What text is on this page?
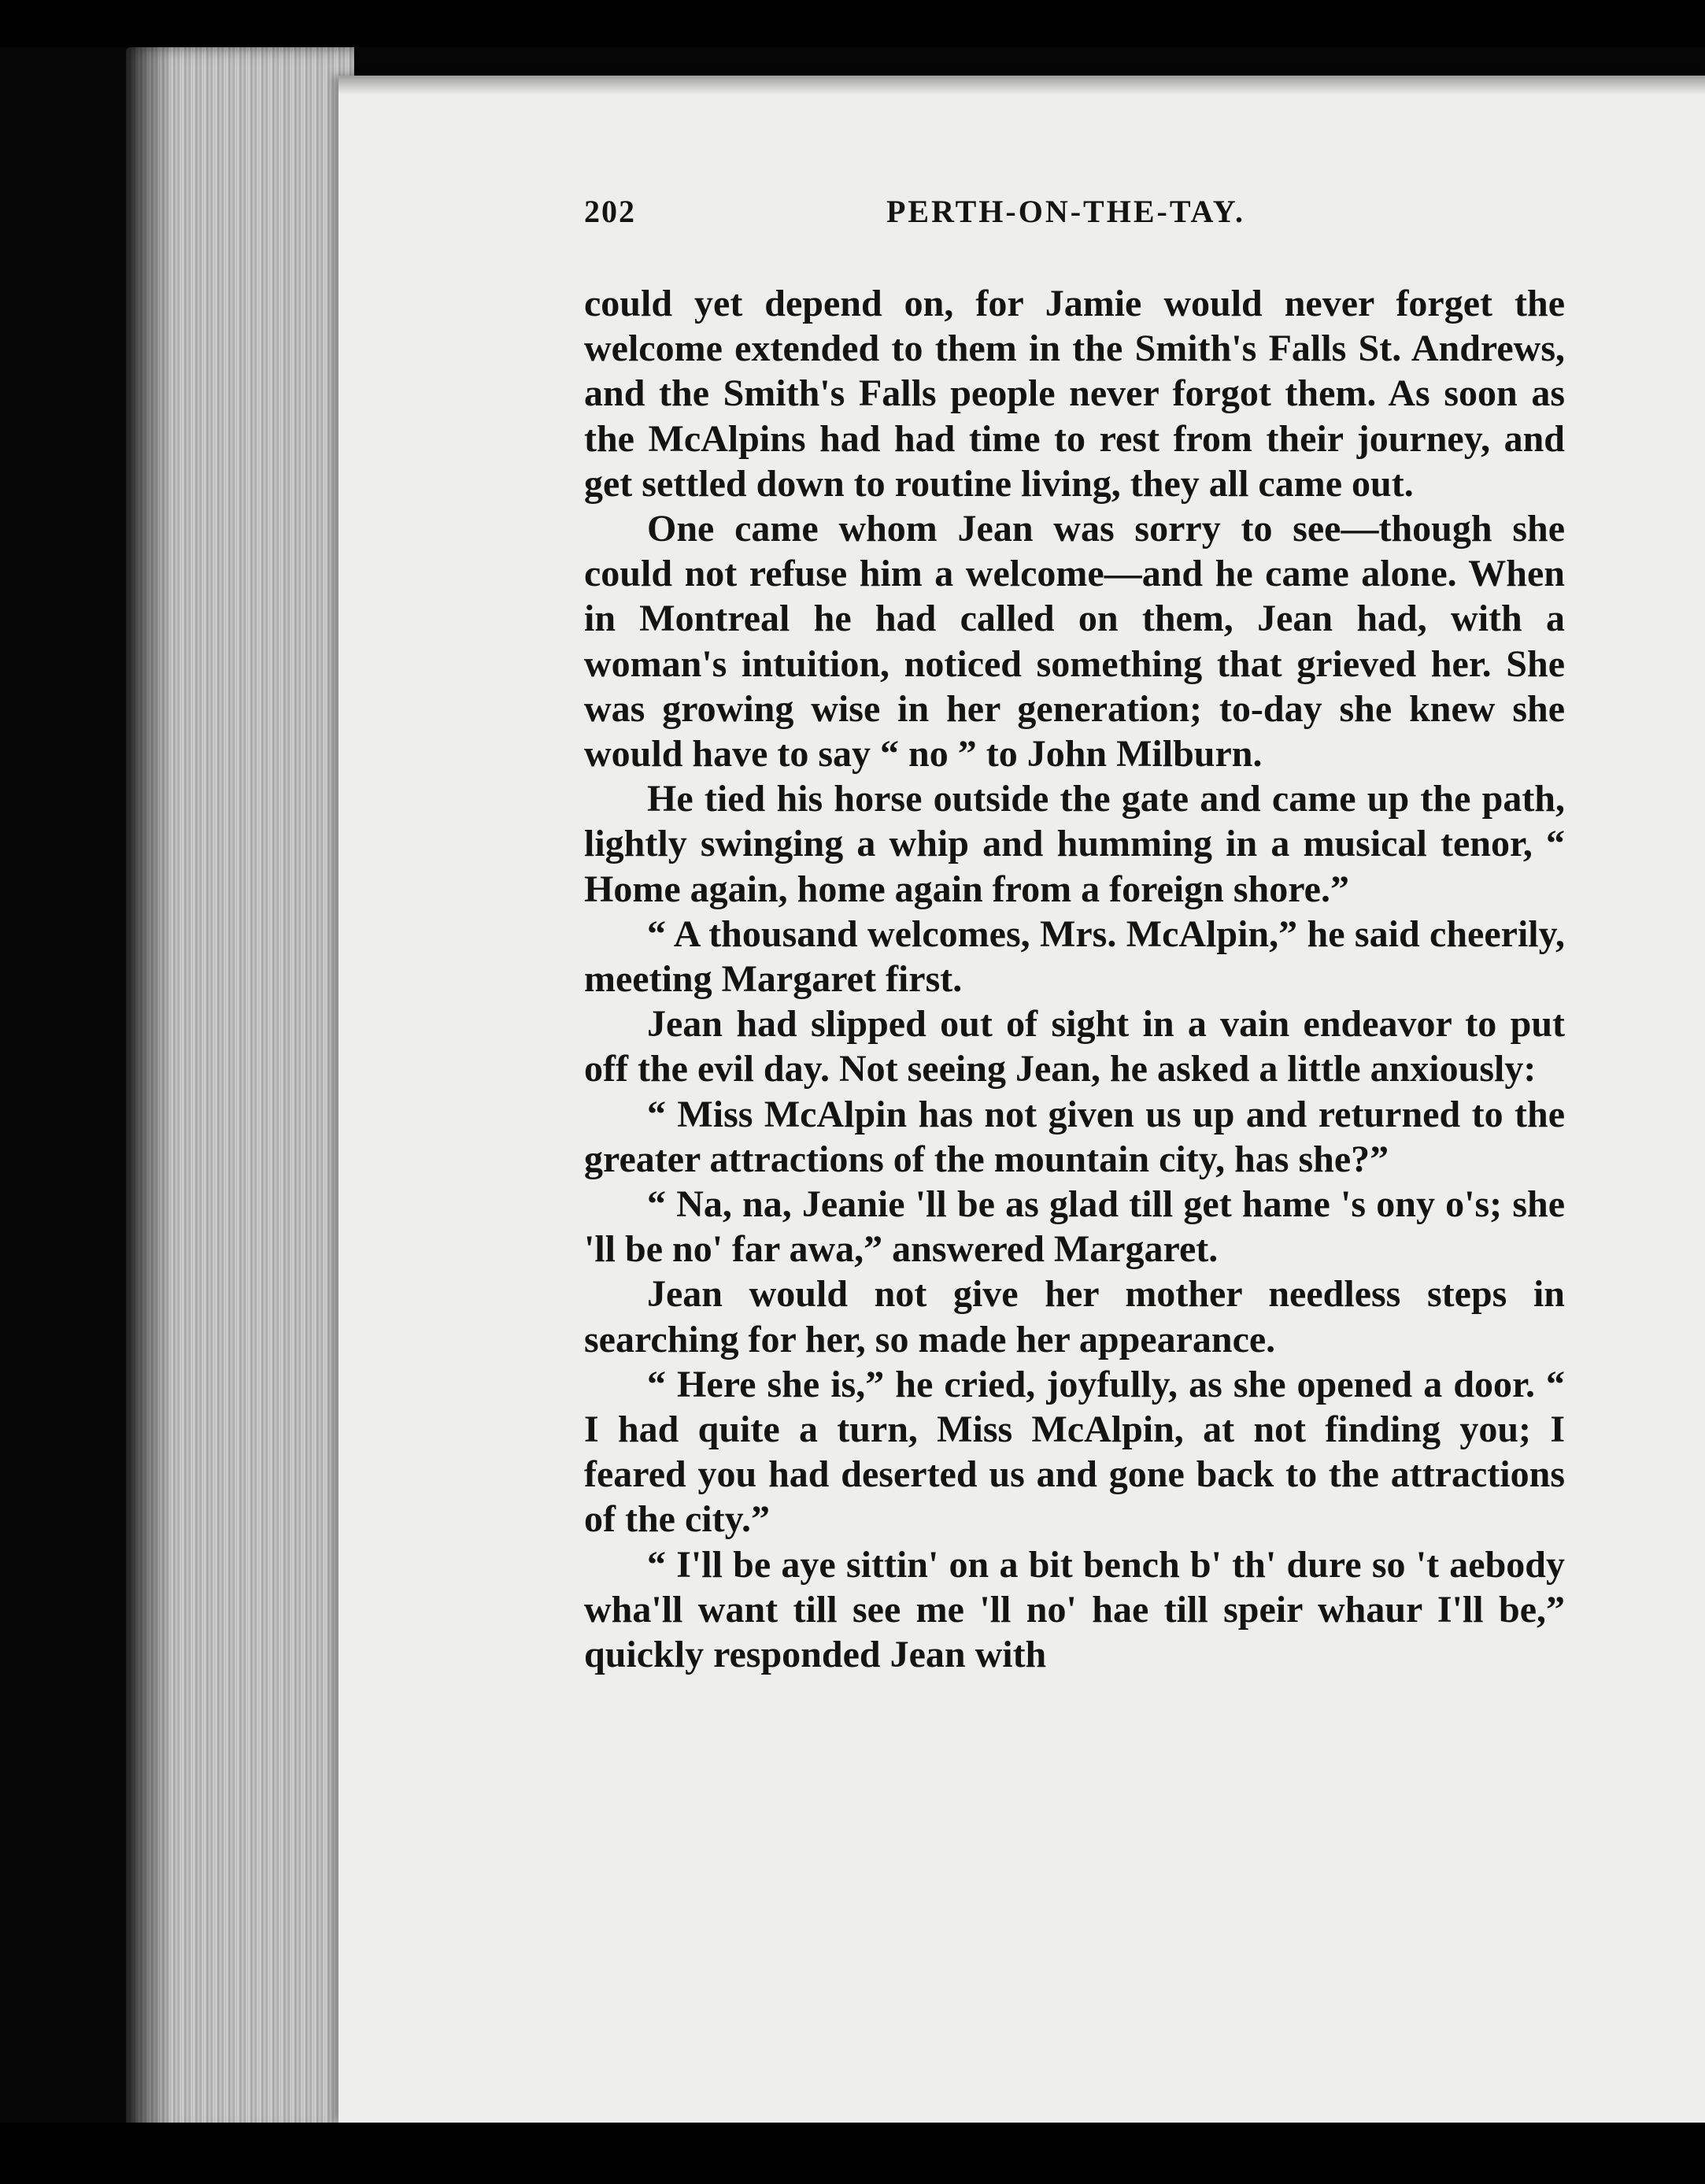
202	PERTH-ON-THE-TAY.

could yet depend on, for Jamie would never forget the welcome extended to them in the Smith's Falls St. Andrews, and the Smith's Falls people never forgot them. As soon as the McAlpins had had time to rest from their journey, and get settled down to routine living, they all came out.

One came whom Jean was sorry to see—though she could not refuse him a welcome—and he came alone. When in Montreal he had called on them, Jean had, with a woman's intuition, noticed something that grieved her. She was growing wise in her generation; to-day she knew she would have to say “ no ” to John Milburn.

He tied his horse outside the gate and came up the path, lightly swinging a whip and humming in a musical tenor, “ Home again, home again from a foreign shore.”

“ A thousand welcomes, Mrs. McAlpin,” he said cheerily, meeting Margaret first.

Jean had slipped out of sight in a vain endeavor to put off the evil day. Not seeing Jean, he asked a little anxiously:

“ Miss McAlpin has not given us up and returned to the greater attractions of the mountain city, has she?”

“ Na, na, Jeanie 'll be as glad till get hame 's ony o's; she 'll be no' far awa,” answered Margaret.

Jean would not give her mother needless steps in searching for her, so made her appearance.

“ Here she is,” he cried, joyfully, as she opened a door. “ I had quite a turn, Miss McAlpin, at not finding you; I feared you had deserted us and gone back to the attractions of the city.”

“ I'll be aye sittin' on a bit bench b' th' dure so 't aebody wha'll want till see me 'll no' hae till speir whaur I'll be,” quickly responded Jean with
